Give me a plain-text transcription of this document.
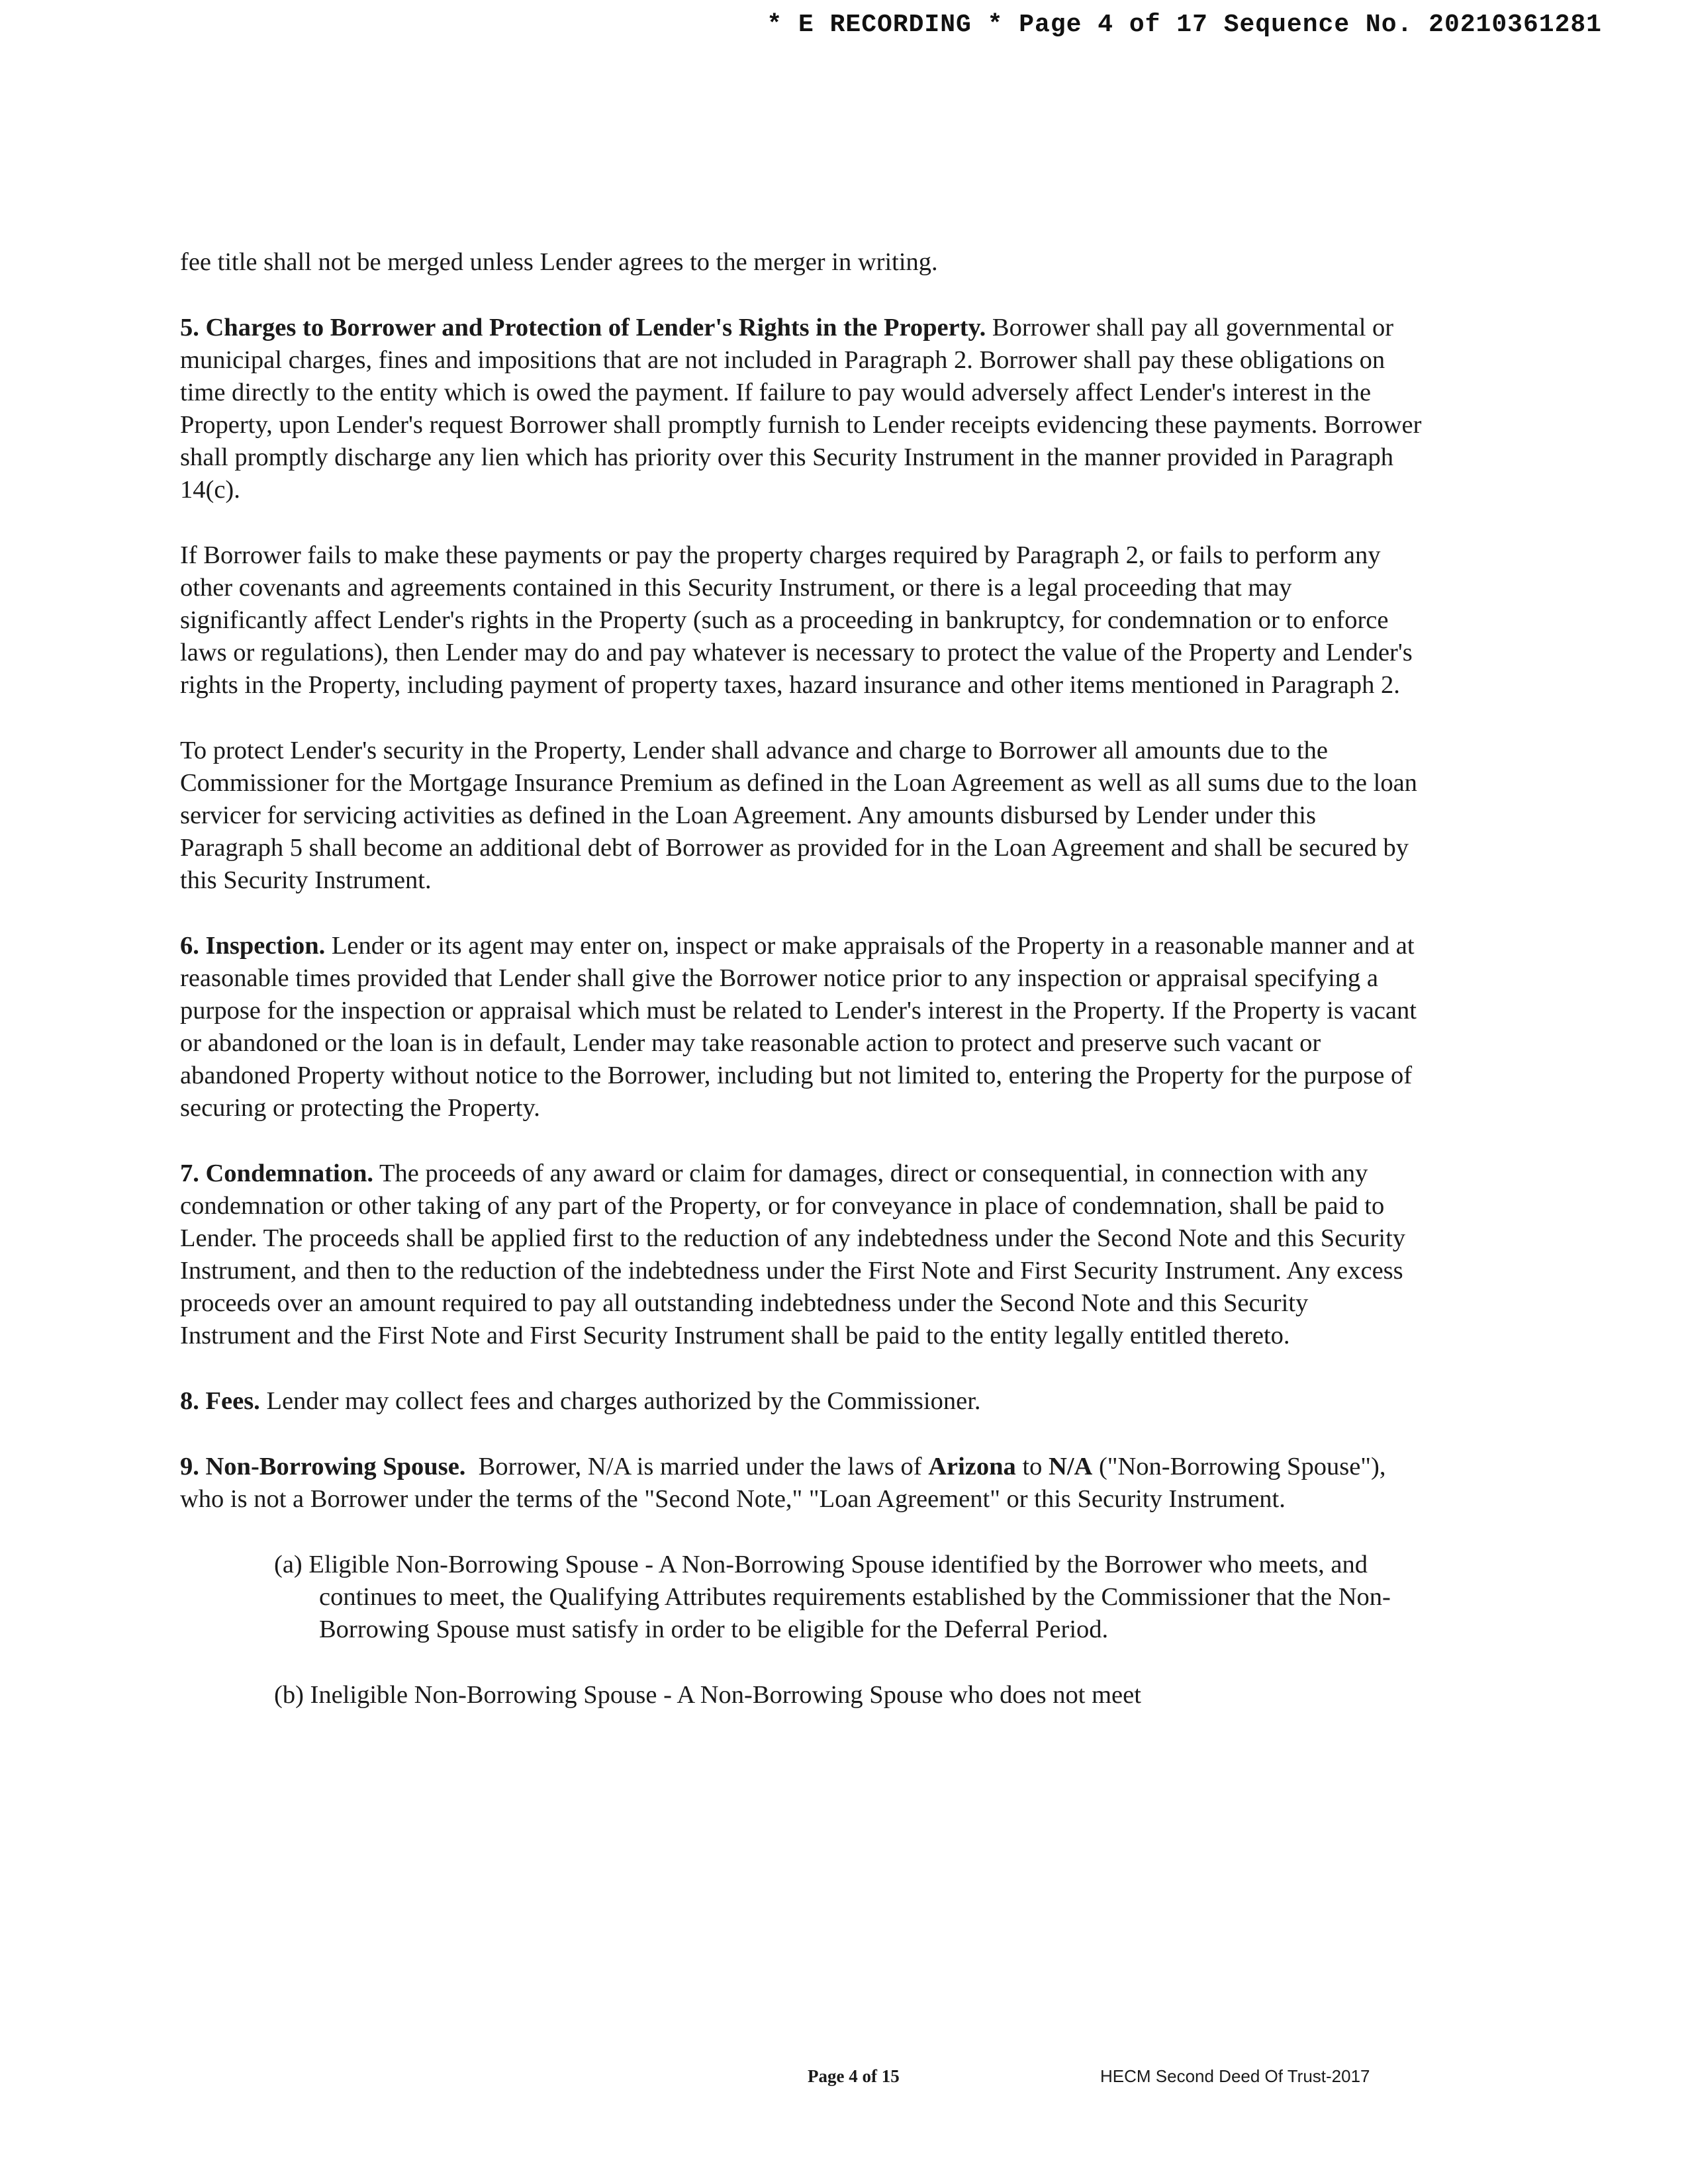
* E RECORDING * Page 4 of 17 Sequence No. 20210361281

fee title shall not be merged unless Lender agrees to the merger in writing.

5. Charges to Borrower and Protection of Lender's Rights in the Property. Borrower shall pay all governmental or municipal charges, fines and impositions that are not included in Paragraph 2. Borrower shall pay these obligations on time directly to the entity which is owed the payment. If failure to pay would adversely affect Lender's interest in the Property, upon Lender's request Borrower shall promptly furnish to Lender receipts evidencing these payments. Borrower shall promptly discharge any lien which has priority over this Security Instrument in the manner provided in Paragraph 14(c).

If Borrower fails to make these payments or pay the property charges required by Paragraph 2, or fails to perform any other covenants and agreements contained in this Security Instrument, or there is a legal proceeding that may significantly affect Lender's rights in the Property (such as a proceeding in bankruptcy, for condemnation or to enforce laws or regulations), then Lender may do and pay whatever is necessary to protect the value of the Property and Lender's rights in the Property, including payment of property taxes, hazard insurance and other items mentioned in Paragraph 2.

To protect Lender's security in the Property, Lender shall advance and charge to Borrower all amounts due to the Commissioner for the Mortgage Insurance Premium as defined in the Loan Agreement as well as all sums due to the loan servicer for servicing activities as defined in the Loan Agreement. Any amounts disbursed by Lender under this Paragraph 5 shall become an additional debt of Borrower as provided for in the Loan Agreement and shall be secured by this Security Instrument.

6. Inspection. Lender or its agent may enter on, inspect or make appraisals of the Property in a reasonable manner and at reasonable times provided that Lender shall give the Borrower notice prior to any inspection or appraisal specifying a purpose for the inspection or appraisal which must be related to Lender's interest in the Property. If the Property is vacant or abandoned or the loan is in default, Lender may take reasonable action to protect and preserve such vacant or abandoned Property without notice to the Borrower, including but not limited to, entering the Property for the purpose of securing or protecting the Property.

7. Condemnation. The proceeds of any award or claim for damages, direct or consequential, in connection with any condemnation or other taking of any part of the Property, or for conveyance in place of condemnation, shall be paid to Lender. The proceeds shall be applied first to the reduction of any indebtedness under the Second Note and this Security Instrument, and then to the reduction of the indebtedness under the First Note and First Security Instrument. Any excess proceeds over an amount required to pay all outstanding indebtedness under the Second Note and this Security Instrument and the First Note and First Security Instrument shall be paid to the entity legally entitled thereto.

8. Fees. Lender may collect fees and charges authorized by the Commissioner.

9. Non-Borrowing Spouse. Borrower, N/A is married under the laws of Arizona to N/A ("Non-Borrowing Spouse"), who is not a Borrower under the terms of the "Second Note," "Loan Agreement" or this Security Instrument.

(a) Eligible Non-Borrowing Spouse - A Non-Borrowing Spouse identified by the Borrower who meets, and continues to meet, the Qualifying Attributes requirements established by the Commissioner that the Non-Borrowing Spouse must satisfy in order to be eligible for the Deferral Period.

(b) Ineligible Non-Borrowing Spouse - A Non-Borrowing Spouse who does not meet

Page 4 of 15	HECM Second Deed Of Trust-2017
